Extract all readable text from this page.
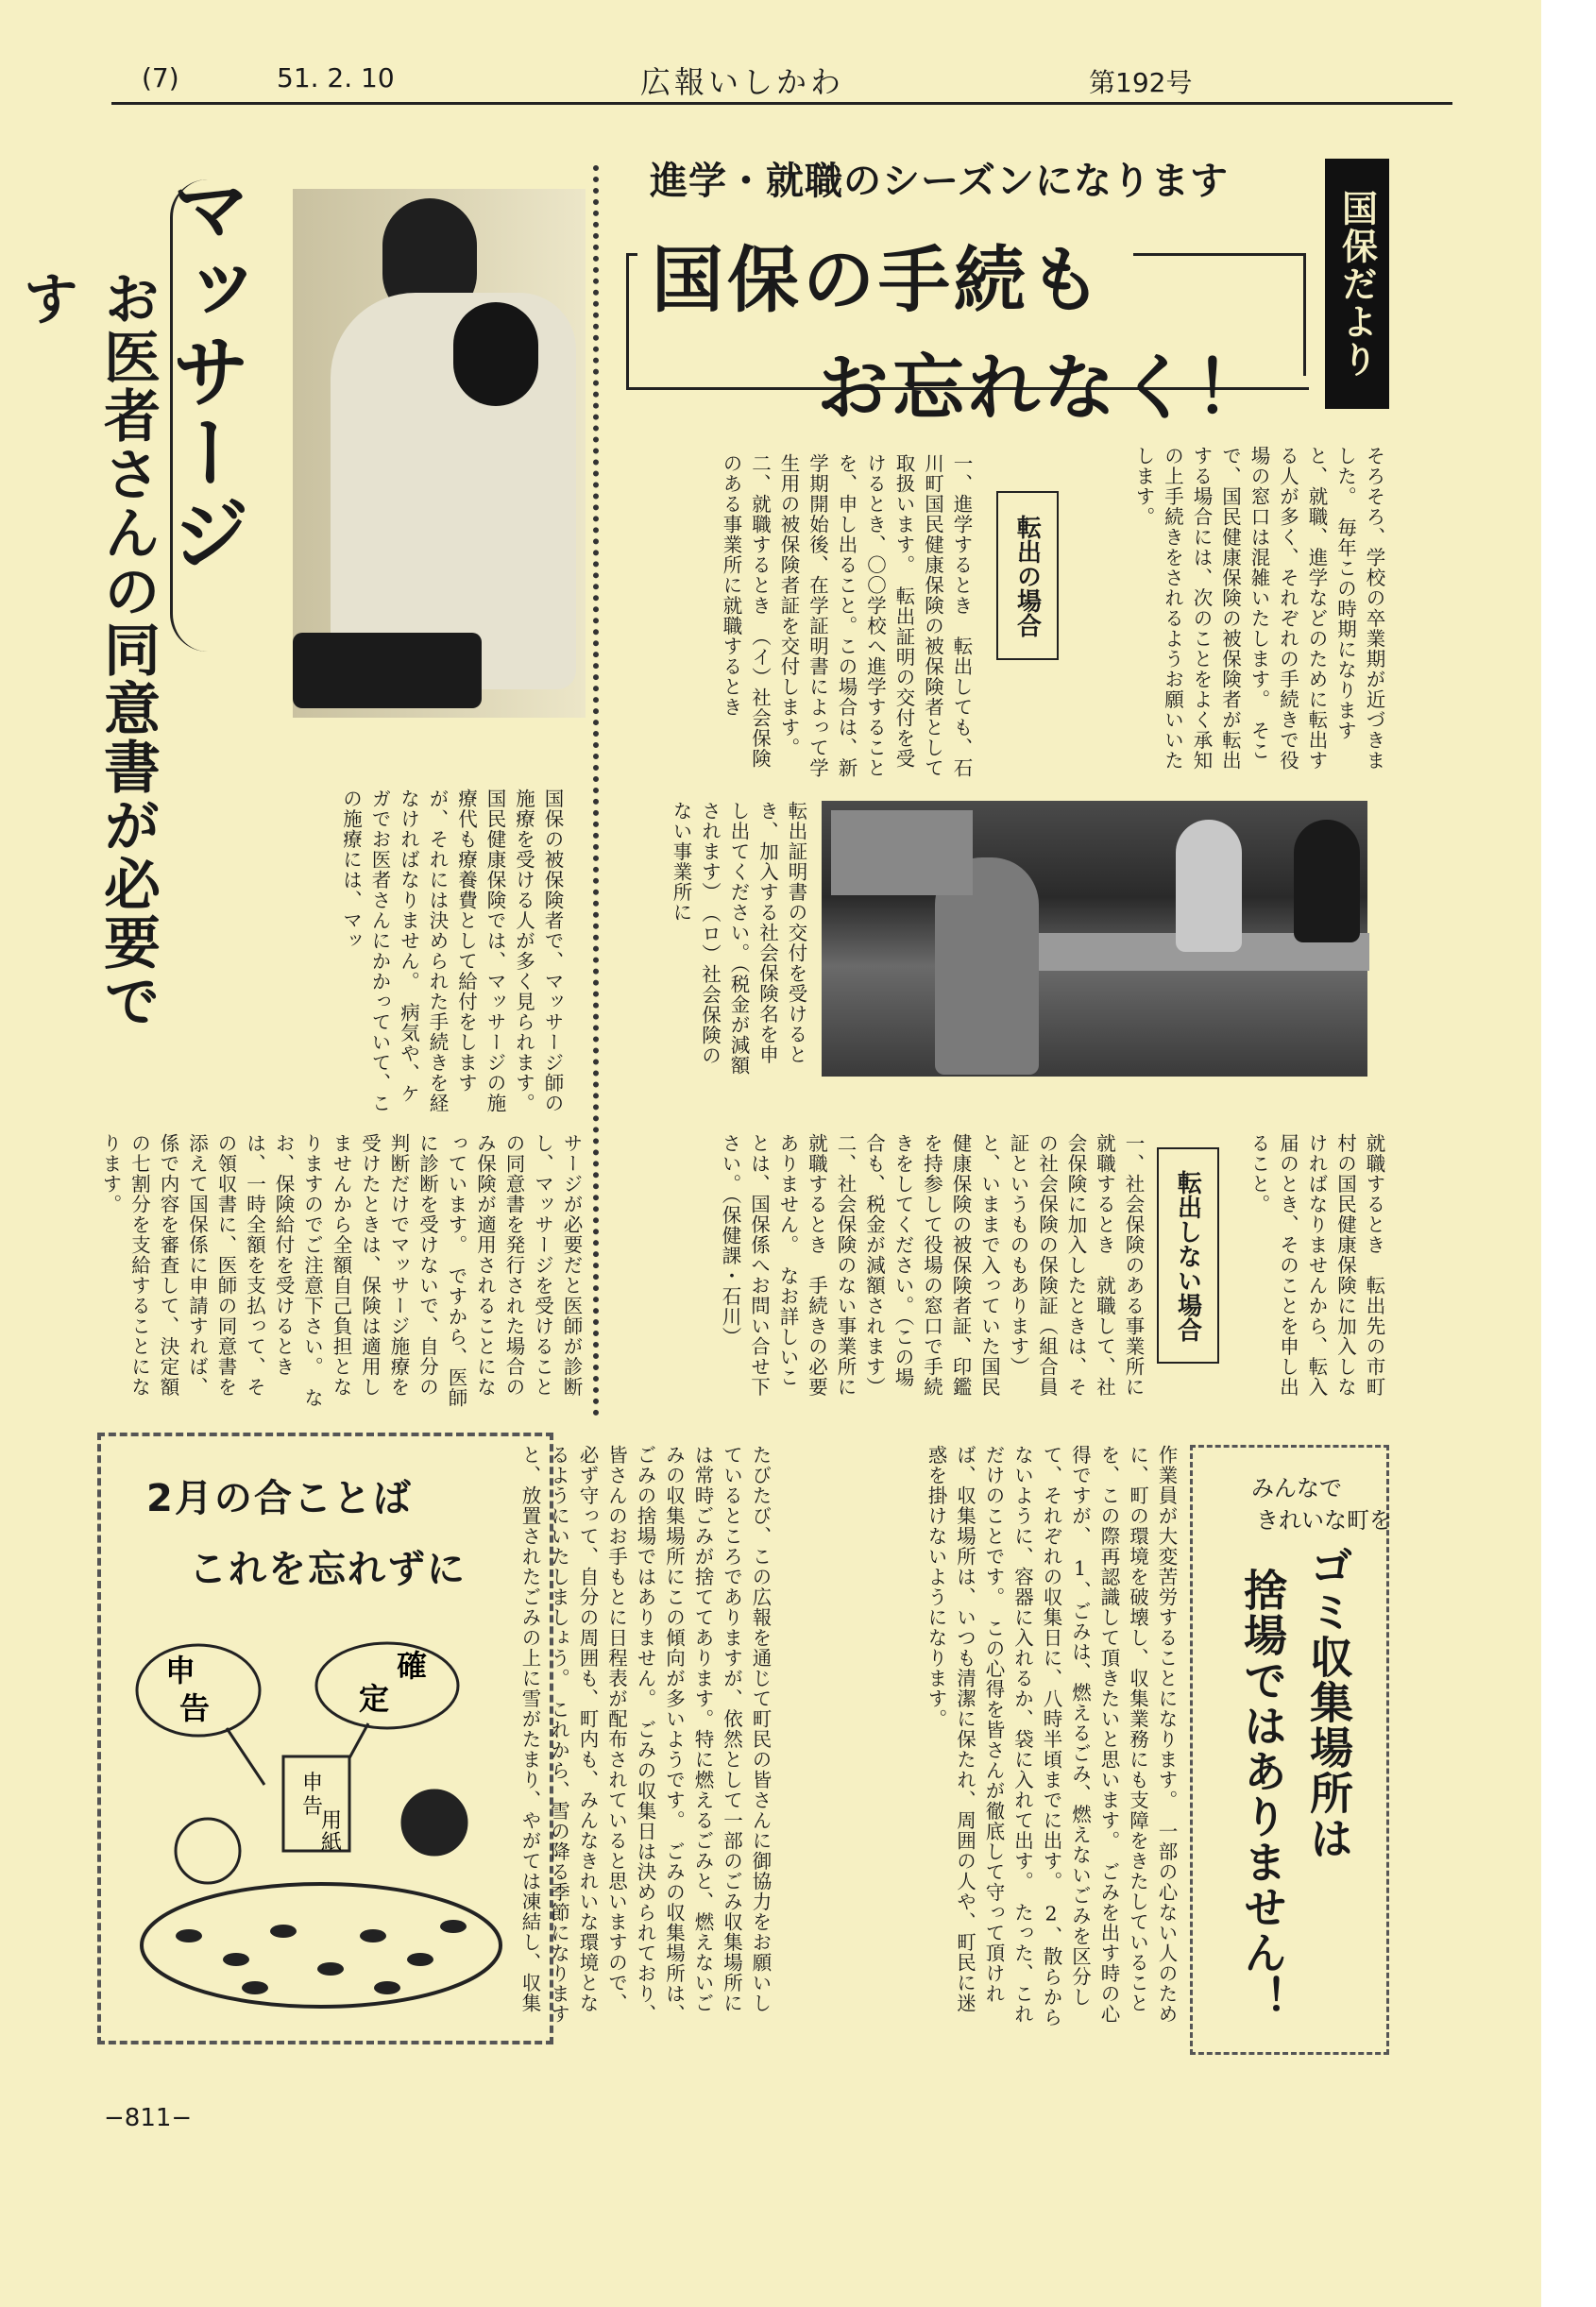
(7)	51. 2. 10	広報いしかわ	第192号
国保だより
進学・就職のシーズンになります
国保の手続も
お忘れなく！
そろそろ、学校の卒業期が近づきました。　毎年この時期になりますと、就職、進学などのために転出する人が多く、それぞれの手続きで役場の窓口は混雑いたします。　そこで、国民健康保険の被保険者が転出する場合には、次のことをよく承知の上手続きをされるようお願いいたします。
転出の場合
一、進学するとき　転出しても、石川町国民健康保険の被保険者として取扱います。　転出証明の交付を受けるとき、〇〇学校へ進学することを、申し出ること。この場合は、新学期開始後、在学証明書によって学生用の被保険者証を交付します。　二、就職するとき　（イ）社会保険のある事業所に就職するとき
転出証明書の交付を受けるとき、加入する社会保険名を申し出てください。（税金が減額されます）　（ロ）社会保険のない事業所に
就職するとき　転出先の市町村の国民健康保険に加入しなければなりませんから、転入届のとき、そのことを申し出ること。
転出しない場合
一、社会保険のある事業所に就職するとき　就職して、社会保険に加入したときは、その社会保険の保険証（組合員証というものもあります）と、いままで入っていた国民健康保険の被保険者証、印鑑を持参して役場の窓口で手続きをしてください。（この場合も、税金が減額されます）　二、社会保険のない事業所に就職するとき　手続きの必要ありません。　なお詳しいことは、国保係へお問い合せ下さい。（保健課・石川）
マッサージ
お医者さんの同意書が必要です
国保の被保険者で、マッサージ師の施療を受ける人が多く見られます。　国民健康保険では、マッサージの施療代も療養費として給付をしますが、それには決められた手続きを経なければなりません。　病気や、ケガでお医者さんにかかっていて、この施療には、マッ
サージが必要だと医師が診断し、マッサージを受けることの同意書を発行された場合のみ保険が適用されることになっています。　ですから、医師に診断を受けないで、自分の判断だけでマッサージ施療を受けたときは、保険は適用しませんから全額自己負担となりますのでご注意下さい。　なお、保険給付を受けるときは、一時全額を支払って、その領収書に、医師の同意書を添えて国保係に申請すれば、係で内容を審査して、決定額の七割分を支給することになります。
2月の合ことば
これを忘れずに
申
告
確
定
申
告
用
紙
みんなで
きれいな町を
ゴミ収集場所は
捨場ではありません！
作業員が大変苦労することになります。　一部の心ない人のために、町の環境を破壊し、収集業務にも支障をきたしていることを、この際再認識して頂きたいと思います。　ごみを出す時の心得ですが、　1、ごみは、燃えるごみ、燃えないごみを区分して、それぞれの収集日に、八時半頃までに出す。　2、散らからないように、容器に入れるか、袋に入れて出す。　たった、これだけのことです。　この心得を皆さんが徹底して守って頂ければ、収集場所は、いつも清潔に保たれ、周囲の人や、町民に迷惑を掛けないようになります。
たびたび、この広報を通じて町民の皆さんに御協力をお願いしているところでありますが、依然として一部のごみ収集場所には常時ごみが捨ててあります。特に燃えるごみと、燃えないごみの収集場所にこの傾向が多いようです。　ごみの収集場所は、ごみの捨場ではありません。　ごみの収集日は決められており、皆さんのお手もとに日程表が配布されていると思いますので、必ず守って、自分の周囲も、町内も、みんなきれいな環境となるようにいたしましょう。　これから、雪の降る季節になりますと、放置されたごみの上に雪がたまり、やがては凍結し、収集
−811−
